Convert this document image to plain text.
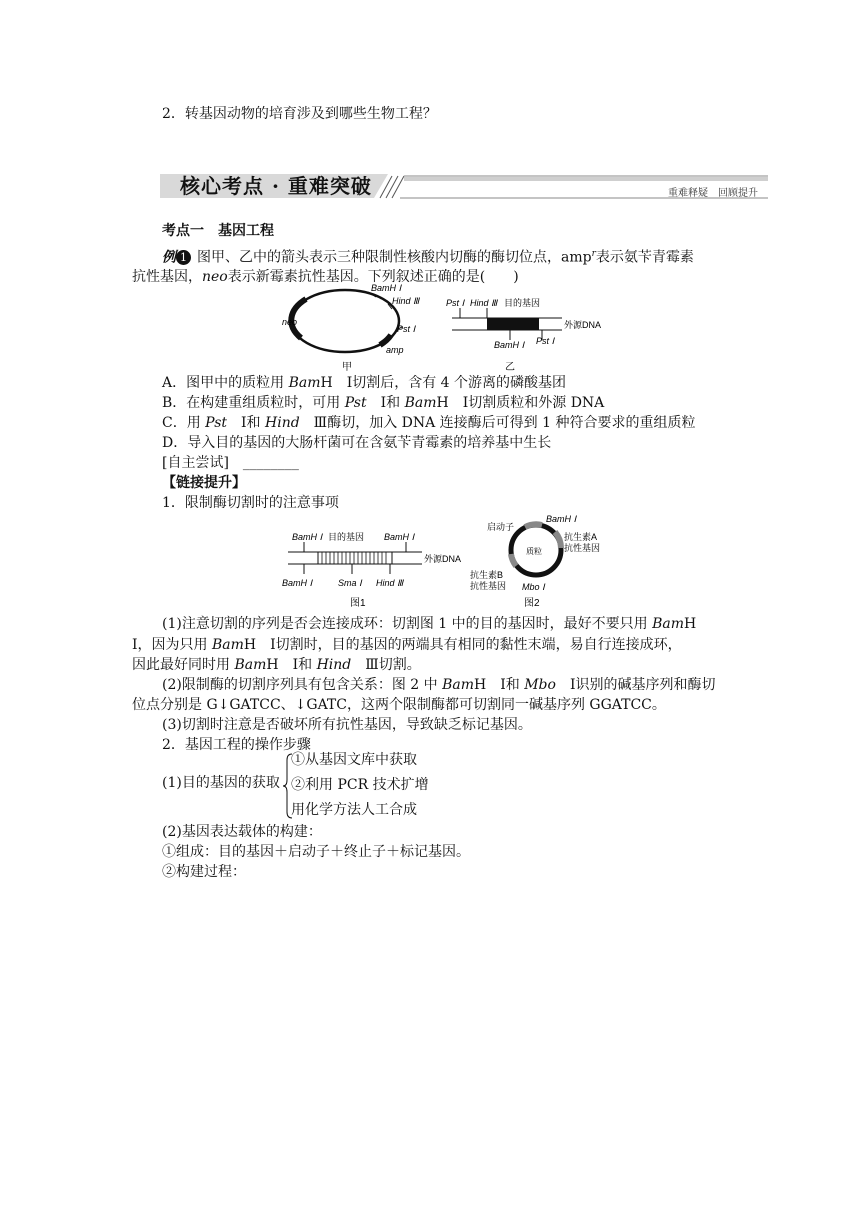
2．转基因动物的培育涉及到哪些生物工程？
核心考点 · 重难突破	重难释疑　回顾提升
考点一　基因工程
例 1 图甲、乙中的箭头表示三种限制性核酸内切酶的酶切位点，amp$^r$表示氨苄青霉素
抗性基因，neo表示新霉素抗性基因。下列叙述正确的是(　　)
BamH Ⅰ
Hind Ⅲ
Pst Ⅰ
neo
amp
甲
Pst Ⅰ Hind Ⅲ 目的基因
外源DNA
BamH Ⅰ Pst Ⅰ
乙
A．图甲中的质粒用 BamH　Ⅰ切割后，含有 4 个游离的磷酸基团
B．在构建重组质粒时，可用 Pst　Ⅰ和 BamH　Ⅰ切割质粒和外源 DNA
C．用 Pst　Ⅰ和 Hind　Ⅲ酶切，加入 DNA 连接酶后可得到 1 种符合要求的重组质粒
D．导入目的基因的大肠杆菌可在含氨苄青霉素的培养基中生长
[自主尝试]　________
【链接提升】
1．限制酶切割时的注意事项
BamH Ⅰ 目的基因 BamH Ⅰ
外源DNA
BamH Ⅰ	Sma Ⅰ Hind Ⅲ
图1
质粒
启动子
BamH Ⅰ
抗生素A
抗性基因
抗生素B
抗性基因 Mbo Ⅰ
图2
(1)注意切割的序列是否会连接成环：切割图 1 中的目的基因时，最好不要只用 BamH
Ⅰ，因为只用 BamH　Ⅰ切割时，目的基因的两端具有相同的黏性末端，易自行连接成环，
因此最好同时用 BamH　Ⅰ和 Hind　Ⅲ切割。
(2)限制酶的切割序列具有包含关系：图 2 中 BamH　Ⅰ和 Mbo　Ⅰ识别的碱基序列和酶切
位点分别是 G↓GATCC、↓GATC，这两个限制酶都可切割同一碱基序列 GGATCC。
(3)切割时注意是否破坏所有抗性基因，导致缺乏标记基因。
2．基因工程的操作步骤
(1)目的基因的获取
①从基因文库中获取
②利用 PCR 技术扩增
用化学方法人工合成
(2)基因表达载体的构建：
①组成：目的基因＋启动子＋终止子＋标记基因。
②构建过程：
